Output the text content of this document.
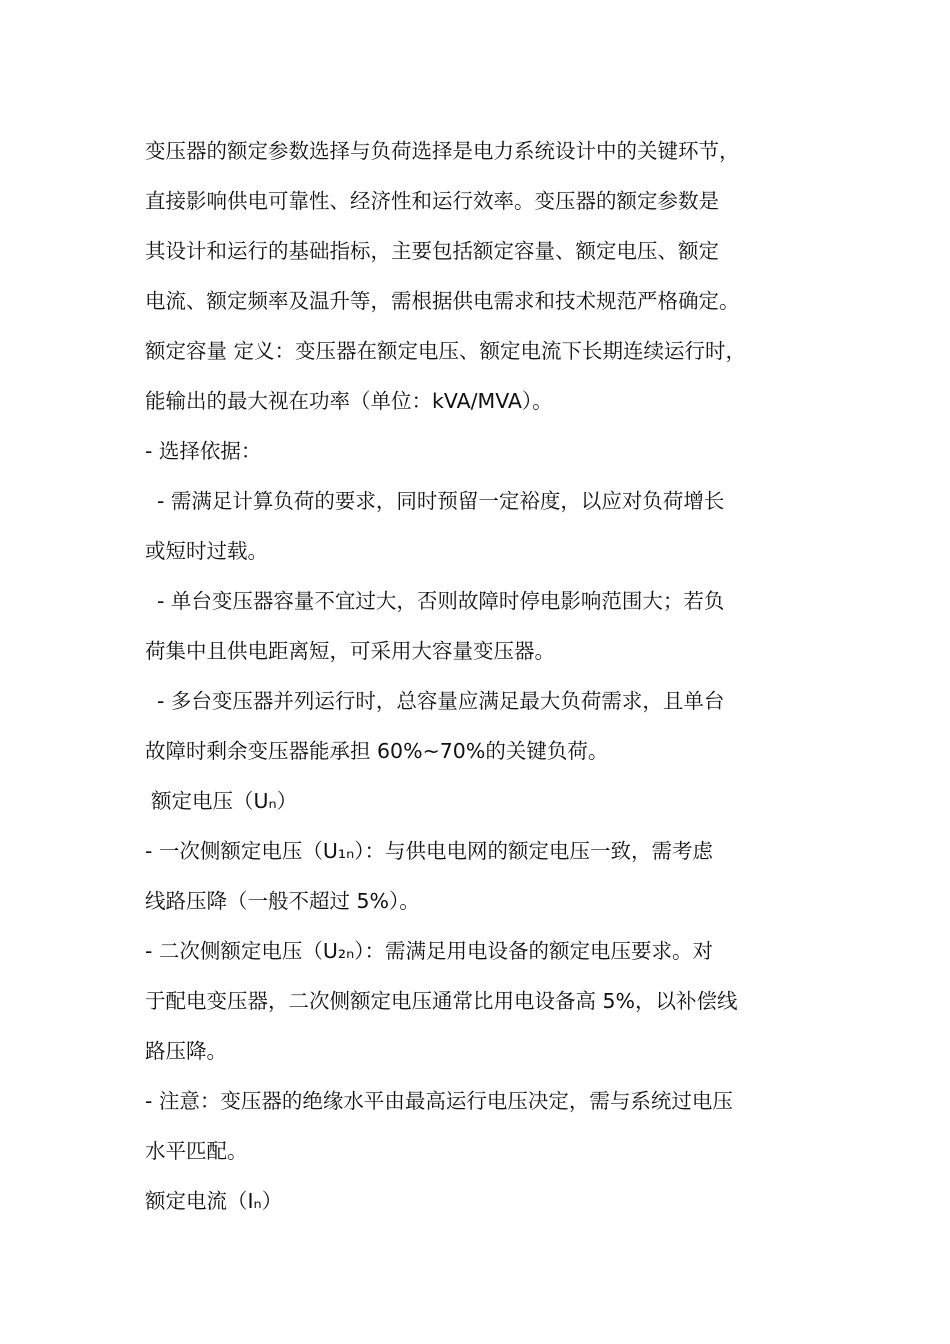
变压器的额定参数选择与负荷选择是电力系统设计中的关键环节，

直接影响供电可靠性、经济性和运行效率。变压器的额定参数是

其设计和运行的基础指标，主要包括额定容量、额定电压、额定

电流、额定频率及温升等，需根据供电需求和技术规范严格确定。

额定容量 定义：变压器在额定电压、额定电流下长期连续运行时，

能输出的最大视在功率（单位：kVA/MVA）。

- 选择依据：

- 需满足计算负荷的要求，同时预留一定裕度，以应对负荷增长

或短时过载。

- 单台变压器容量不宜过大，否则故障时停电影响范围大；若负

荷集中且供电距离短，可采用大容量变压器。

- 多台变压器并列运行时，总容量应满足最大负荷需求，且单台

故障时剩余变压器能承担 60%~70%的关键负荷。

额定电压（Uₙ）

- 一次侧额定电压（U₁ₙ）：与供电电网的额定电压一致，需考虑

线路压降（一般不超过 5%）。

- 二次侧额定电压（U₂ₙ）：需满足用电设备的额定电压要求。对

于配电变压器，二次侧额定电压通常比用电设备高 5%，以补偿线

路压降。

- 注意：变压器的绝缘水平由最高运行电压决定，需与系统过电压

水平匹配。

额定电流（Iₙ）
